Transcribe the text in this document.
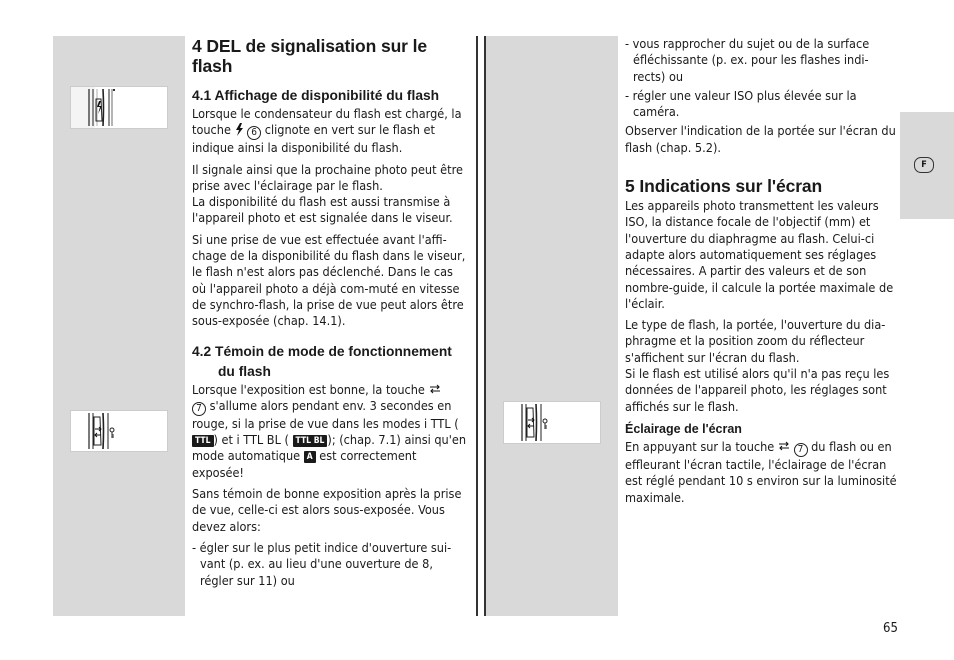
F
4 DEL de signalisation sur le flash
4.1 Affichage de disponibilité du flash

Lorsque le condensateur du flash est chargé, la touche 6 clignote en vert sur le flash et indique ainsi la disponibilité du flash.

Il signale ainsi que la prochaine photo peut être prise avec l'éclairage par le flash.

La disponibilité du flash est aussi transmise à l'appareil photo et est signalée dans le viseur.

Si une prise de vue est effectuée avant l'affi-chage de la disponibilité du flash dans le viseur, le flash n'est alors pas déclenché. Dans le cas où l'appareil photo a déjà com-muté en vitesse de synchro-flash, la prise de vue peut alors être sous-exposée (chap. 14.1).

4.2 Témoin de mode de fonctionnement
du flash

Lorsque l'exposition est bonne, la touche
7 s'allume alors pendant env. 3 secondes en rouge, si la prise de vue dans les modes i TTL ( TTL ) et i TTL BL ( TTL BL ); (chap. 7.1) ainsi qu'en mode automatique A est correctement exposée!

Sans témoin de bonne exposition après la prise de vue, celle-ci est alors sous-exposée. Vous devez alors:

- égler sur le plus petit indice d'ouverture sui-vant (p. ex. au lieu d'une ouverture de 8, régler sur 11) ou

- vous rapprocher du sujet ou de la surface éfléchissante (p. ex. pour les flashes indi-rects) ou

- régler une valeur ISO plus élevée sur la caméra.

Observer l'indication de la portée sur l'écran du flash (chap. 5.2).

5 Indications sur l'écran

Les appareils photo transmettent les valeurs ISO, la distance focale de l'objectif (mm) et l'ouverture du diaphragme au flash. Celui-ci adapte alors automatiquement ses réglages nécessaires. A partir des valeurs et de son nombre-guide, il calcule la portée maximale de l'éclair.

Le type de flash, la portée, l'ouverture du dia-phragme et la position zoom du réflecteur s'affichent sur l'écran du flash.

Si le flash est utilisé alors qu'il n'a pas reçu les données de l'appareil photo, les réglages sont affichés sur le flash.

Éclairage de l'écran

En appuyant sur la touche 7 du flash ou en effleurant l'écran tactile, l'éclairage de l'écran est réglé pendant 10 s environ sur la luminosité maximale.

65
